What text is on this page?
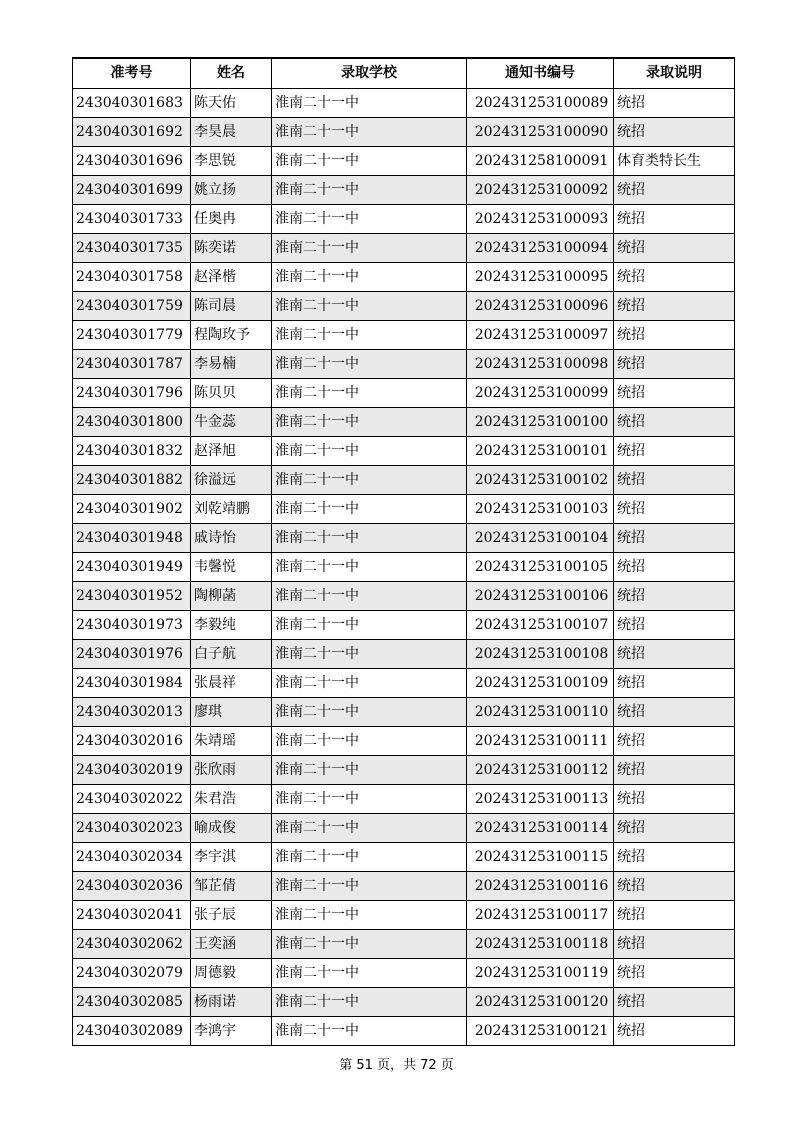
准考号	姓名	录取学校	通知书编号	录取说明
243040301683	陈天佑	淮南二十一中	202431253100089	统招
243040301692	李昊晨	淮南二十一中	202431253100090	统招
243040301696	李思锐	淮南二十一中	202431258100091	体育类特长生
243040301699	姚立扬	淮南二十一中	202431253100092	统招
243040301733	任奥冉	淮南二十一中	202431253100093	统招
243040301735	陈奕诺	淮南二十一中	202431253100094	统招
243040301758	赵泽楷	淮南二十一中	202431253100095	统招
243040301759	陈司晨	淮南二十一中	202431253100096	统招
243040301779	程陶玫予	淮南二十一中	202431253100097	统招
243040301787	李易楠	淮南二十一中	202431253100098	统招
243040301796	陈贝贝	淮南二十一中	202431253100099	统招
243040301800	牛金蕊	淮南二十一中	202431253100100	统招
243040301832	赵泽旭	淮南二十一中	202431253100101	统招
243040301882	徐溢远	淮南二十一中	202431253100102	统招
243040301902	刘乾靖鹏	淮南二十一中	202431253100103	统招
243040301948	戚诗怡	淮南二十一中	202431253100104	统招
243040301949	韦馨悦	淮南二十一中	202431253100105	统招
243040301952	陶柳菡	淮南二十一中	202431253100106	统招
243040301973	李毅纯	淮南二十一中	202431253100107	统招
243040301976	白子航	淮南二十一中	202431253100108	统招
243040301984	张晨祥	淮南二十一中	202431253100109	统招
243040302013	廖琪	淮南二十一中	202431253100110	统招
243040302016	朱靖瑶	淮南二十一中	202431253100111	统招
243040302019	张欣雨	淮南二十一中	202431253100112	统招
243040302022	朱君浩	淮南二十一中	202431253100113	统招
243040302023	喻成俊	淮南二十一中	202431253100114	统招
243040302034	李宇淇	淮南二十一中	202431253100115	统招
243040302036	邹芷倩	淮南二十一中	202431253100116	统招
243040302041	张子辰	淮南二十一中	202431253100117	统招
243040302062	王奕涵	淮南二十一中	202431253100118	统招
243040302079	周德毅	淮南二十一中	202431253100119	统招
243040302085	杨雨诺	淮南二十一中	202431253100120	统招
243040302089	李鸿宇	淮南二十一中	202431253100121	统招
第 51 页，共 72 页
